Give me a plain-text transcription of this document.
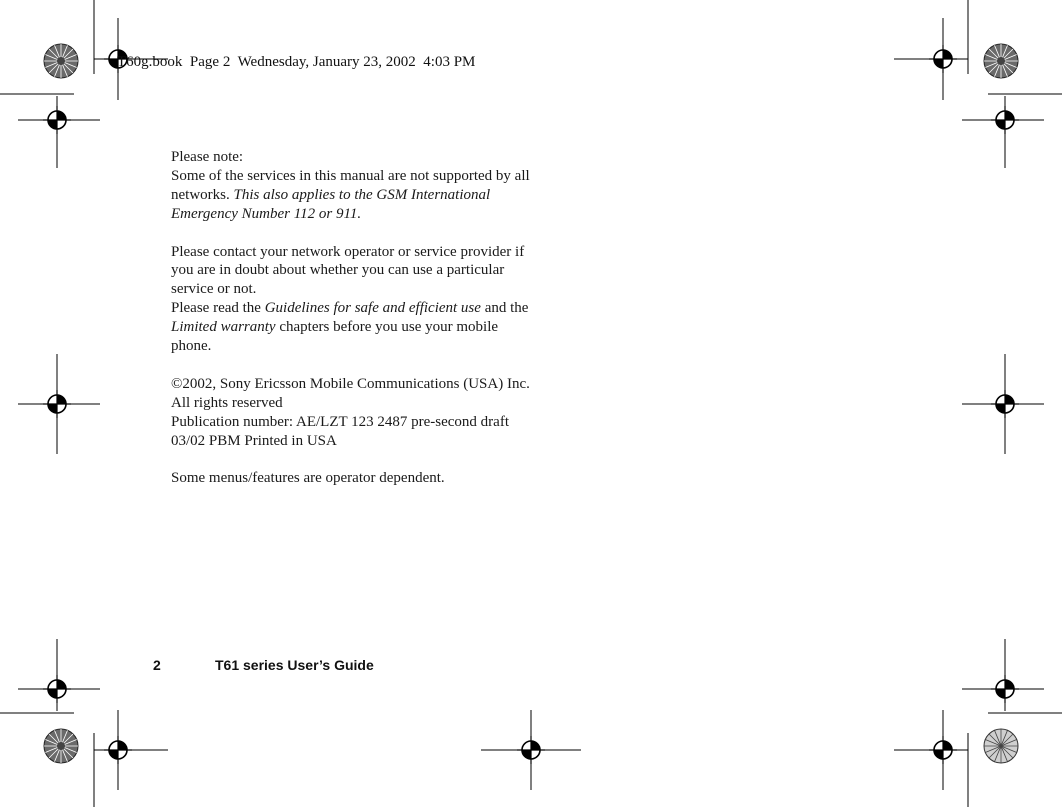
T60g.book Page 2 Wednesday, January 23, 2002 4:03 PM

Please note:

Some of the services in this manual are not supported by all networks. This also applies to the GSM International Emergency Number 112 or 911.

Please contact your network operator or service provider if you are in doubt about whether you can use a particular service or not.

Please read the Guidelines for safe and efficient use and the Limited warranty chapters before you use your mobile phone.

©2002, Sony Ericsson Mobile Communications (USA) Inc.

All rights reserved

Publication number: AE/LZT 123 2487 pre-second draft

03/02 PBM Printed in USA

Some menus/features are operator dependent.

2	T61 series User’s Guide
